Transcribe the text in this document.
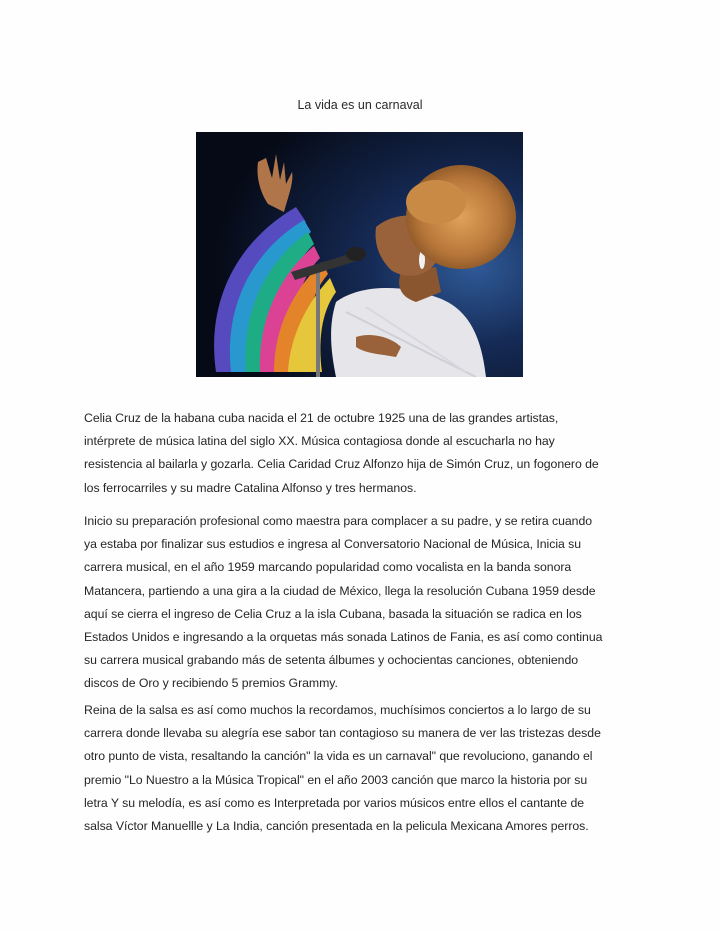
La vida es un carnaval

Celia Cruz de la habana cuba nacida el 21 de octubre 1925 una de las grandes artistas,
intérprete de música latina del siglo XX. Música contagiosa donde al escucharla no hay
resistencia al bailarla y gozarla. Celia Caridad Cruz Alfonzo hija de Simón Cruz, un fogonero de
los ferrocarriles y su madre Catalina Alfonso y tres hermanos.

Inicio su preparación profesional como maestra para complacer a su padre, y se retira cuando
ya estaba por finalizar sus estudios e ingresa al Conversatorio Nacional de Música, Inicia su
carrera musical, en el año 1959 marcando popularidad como vocalista en la banda sonora
Matancera, partiendo a una gira a la ciudad de México, llega la resolución Cubana 1959 desde
aquí se cierra el ingreso de Celia Cruz a la isla Cubana, basada la situación se radica en los
Estados Unidos e ingresando a la orquetas más sonada Latinos de Fania, es así como continua
su carrera musical grabando más de setenta álbumes y ochocientas canciones, obteniendo
discos de Oro y recibiendo 5 premios Grammy.

Reina de la salsa es así como muchos la recordamos, muchísimos conciertos a lo largo de su
carrera donde llevaba su alegría ese sabor tan contagioso su manera de ver las tristezas desde
otro punto de vista, resaltando la canción" la vida es un carnaval" que revoluciono, ganando el
premio "Lo Nuestro a la Música Tropical" en el año 2003 canción que marco la historia por su
letra Y su melodía, es así como es Interpretada por varios músicos entre ellos el cantante de
salsa Víctor Manuellle y La India, canción presentada en la pelicula Mexicana Amores perros.
